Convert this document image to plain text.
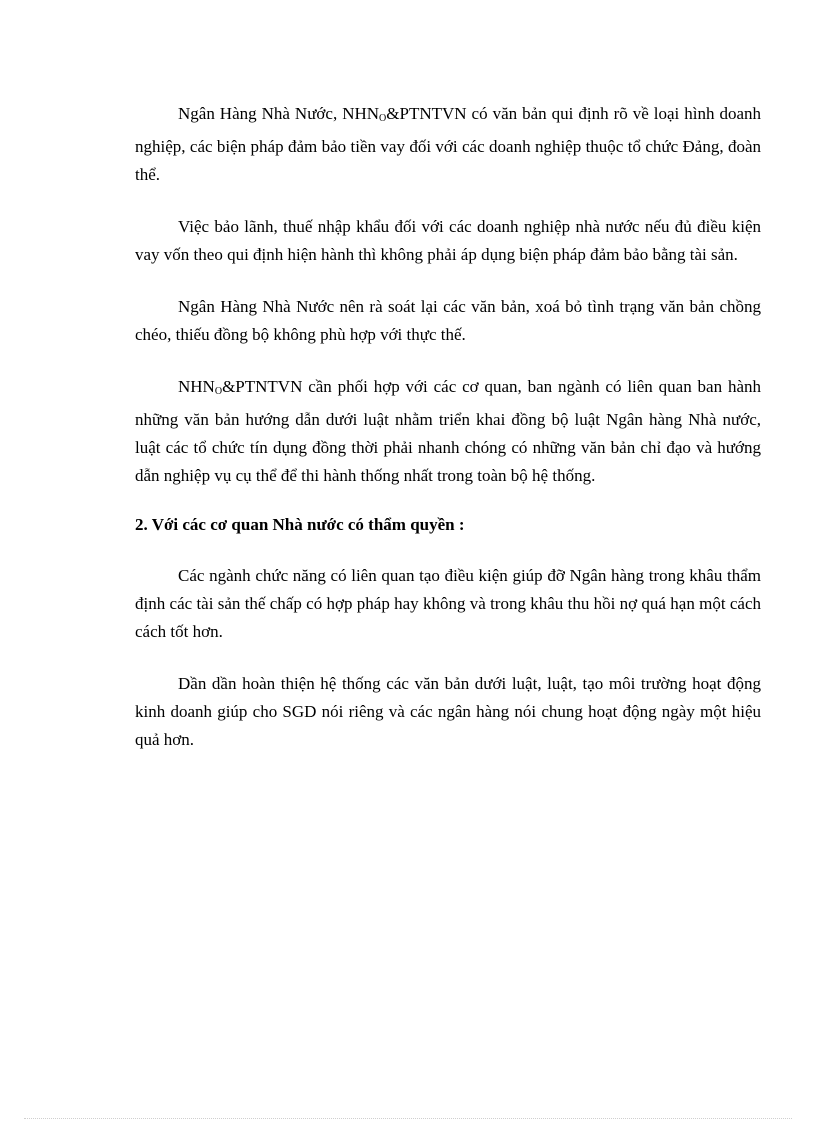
Ngân Hàng Nhà Nước, $NHN_O\&PTNTVN$ có văn bản qui định rõ về loại hình doanh nghiệp, các biện pháp đảm bảo tiền vay đối với các doanh nghiệp thuộc tổ chức Đảng, đoàn thể.

Việc bảo lãnh, thuế nhập khẩu đối với các doanh nghiệp nhà nước nếu đủ điều kiện vay vốn theo qui định hiện hành thì không phải áp dụng biện pháp đảm bảo bằng tài sản.

Ngân Hàng Nhà Nước nên rà soát lại các văn bản, xoá bỏ tình trạng văn bản chồng chéo, thiếu đồng bộ không phù hợp với thực thế.

$NHN_O\&PTNTVN$ cần phối hợp với các cơ quan, ban ngành có liên quan ban hành những văn bản hướng dẫn dưới luật nhằm triển khai đồng bộ luật Ngân hàng Nhà nước, luật các tổ chức tín dụng đồng thời phải nhanh chóng có những văn bản chỉ đạo và hướng dẫn nghiệp vụ cụ thể để thi hành thống nhất trong toàn bộ hệ thống.

2. Với các cơ quan Nhà nước có thẩm quyền :

Các ngành chức năng có liên quan tạo điều kiện giúp đỡ Ngân hàng trong khâu thẩm định các tài sản thế chấp có hợp pháp hay không và trong khâu thu hồi nợ quá hạn một cách cách tốt hơn.

Dần dần hoàn thiện hệ thống các văn bản dưới luật, luật, tạo môi trường hoạt động kinh doanh giúp cho SGD nói riêng và các ngân hàng nói chung hoạt động ngày một hiệu quả hơn.
